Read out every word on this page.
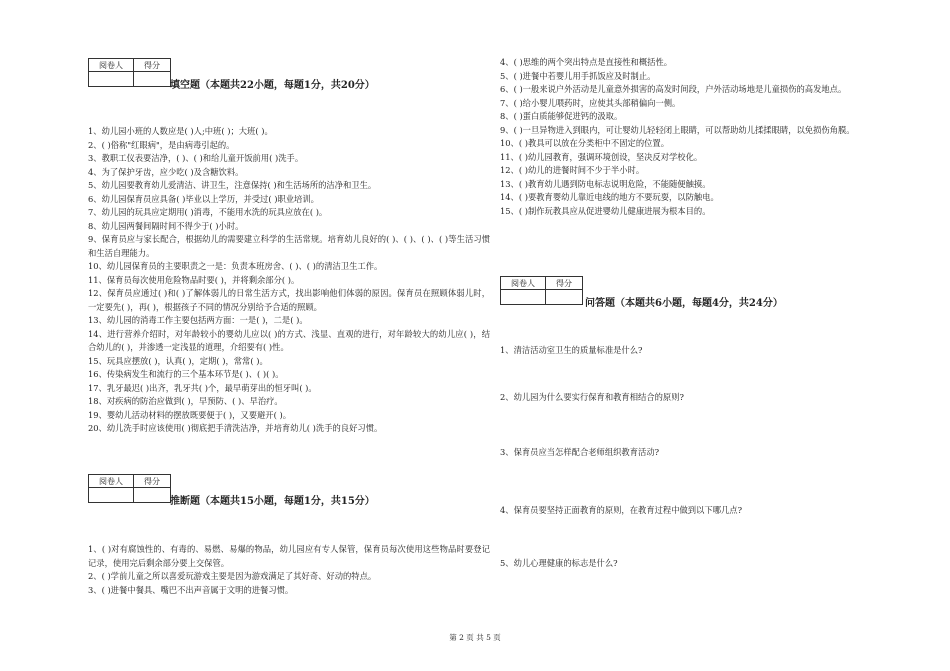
阅卷人	得分

填空题（本题共22小题，每题1分，共20分）
1、幼儿园小班的人数应是( )人;中班( )；大班( )。
2、( )俗称"红眼病"，是由病毒引起的。
3、教职工仪表要洁净，( )、( )和给儿童开饭前用( )洗手。
4、为了保护牙齿，应少吃( )及含糖饮料。
5、幼儿园要教育幼儿爱清洁、讲卫生，注意保持( )和生活场所的洁净和卫生。
6、幼儿园保育员应具备( )毕业以上学历，并受过( )职业培训。
7、幼儿园的玩具应定期用( )消毒，不能用水洗的玩具应放在( )。
8、幼儿园两餐间隔时间不得少于( )小时。
9、保育员应与家长配合，根据幼儿的需要建立科学的生活常规。培育幼儿良好的( )、( )、( )、( )等生活习惯和生活自理能力。
10、幼儿园保育员的主要职责之一是：负责本班房舍、( )、( )的清洁卫生工作。
11、保育员每次使用危险物品时要( )，并将剩余部分( )。
12、保育员应通过( )和( )了解体弱儿的日常生活方式，找出影响他们体弱的原因。保育员在照顾体弱儿时，一定要先( )，再( )，根据孩子不同的情况分别给予合适的照顾。
13、幼儿园的消毒工作主要包括两方面：一是( )，二是( )。
14、进行营养介绍时，对年龄较小的婴幼儿应以( )的方式、浅显、直观的进行，对年龄较大的幼儿应( )，结合幼儿的( )，并渗透一定浅显的道理，介绍要有( )性。
15、玩具应摆放( )，认真( )，定期( )，常常( )。
16、传染病发生和流行的三个基本环节是( )、( )( )。
17、乳牙最迟( )出齐，乳牙共( )个，最早萌芽出的恒牙叫( )。
18、对疾病的防治应做到( )，早预防、( )、早治疗。
19、婴幼儿活动材料的摆放既要便于( )，又要避开( )。
20、幼儿洗手时应该使用( )彻底把手清洗洁净，并培育幼儿( )洗手的良好习惯。
阅卷人	得分

推断题（本题共15小题，每题1分，共15分）
1、( )对有腐蚀性的、有毒的、易燃、易爆的物品，幼儿园应有专人保管，保育员每次使用这些物品时要登记记录，使用完后剩余部分要上交保管。
2、( )学前儿童之所以喜爱玩游戏主要是因为游戏满足了其好奇、好动的特点。
3、( )进餐中餐具、嘴巴不出声音属于文明的进餐习惯。
4、( )思维的两个突出特点是直接性和概括性。
5、( )进餐中若婴儿用手抓饭应及时制止。
6、( )一般来说户外活动是儿童意外损害的高发时间段，户外活动场地是儿童损伤的高发地点。
7、( )给小婴儿喂药时，应使其头部稍偏向一侧。
8、( )蛋白质能够促进钙的汲取。
9、( )一旦异物进入到眼内，可让婴幼儿轻轻闭上眼睛，可以帮助幼儿揉揉眼睛，以免损伤角膜。
10、( )教具可以放在分类柜中不固定的位置。
11、( )幼儿园教育，强调环境创设，坚决反对学校化。
12、( )幼儿的进餐时间不少于半小时。
13、( )教育幼儿遇到防电标志说明危险，不能随便触摸。
14、( )要教育婴幼儿靠近电线的地方不要玩耍，以防触电。
15、( )制作玩教具应从促进婴幼儿健康进展为根本目的。
阅卷人	得分

问答题（本题共6小题，每题4分，共24分）
1、清洁活动室卫生的质量标准是什么?
2、幼儿园为什么要实行保育和教育相结合的原则?
3、保育员应当怎样配合老师组织教育活动?
4、保育员要坚持正面教育的原则，在教育过程中做到以下哪几点?
5、幼儿心理健康的标志是什么?
第 2 页 共 5 页
